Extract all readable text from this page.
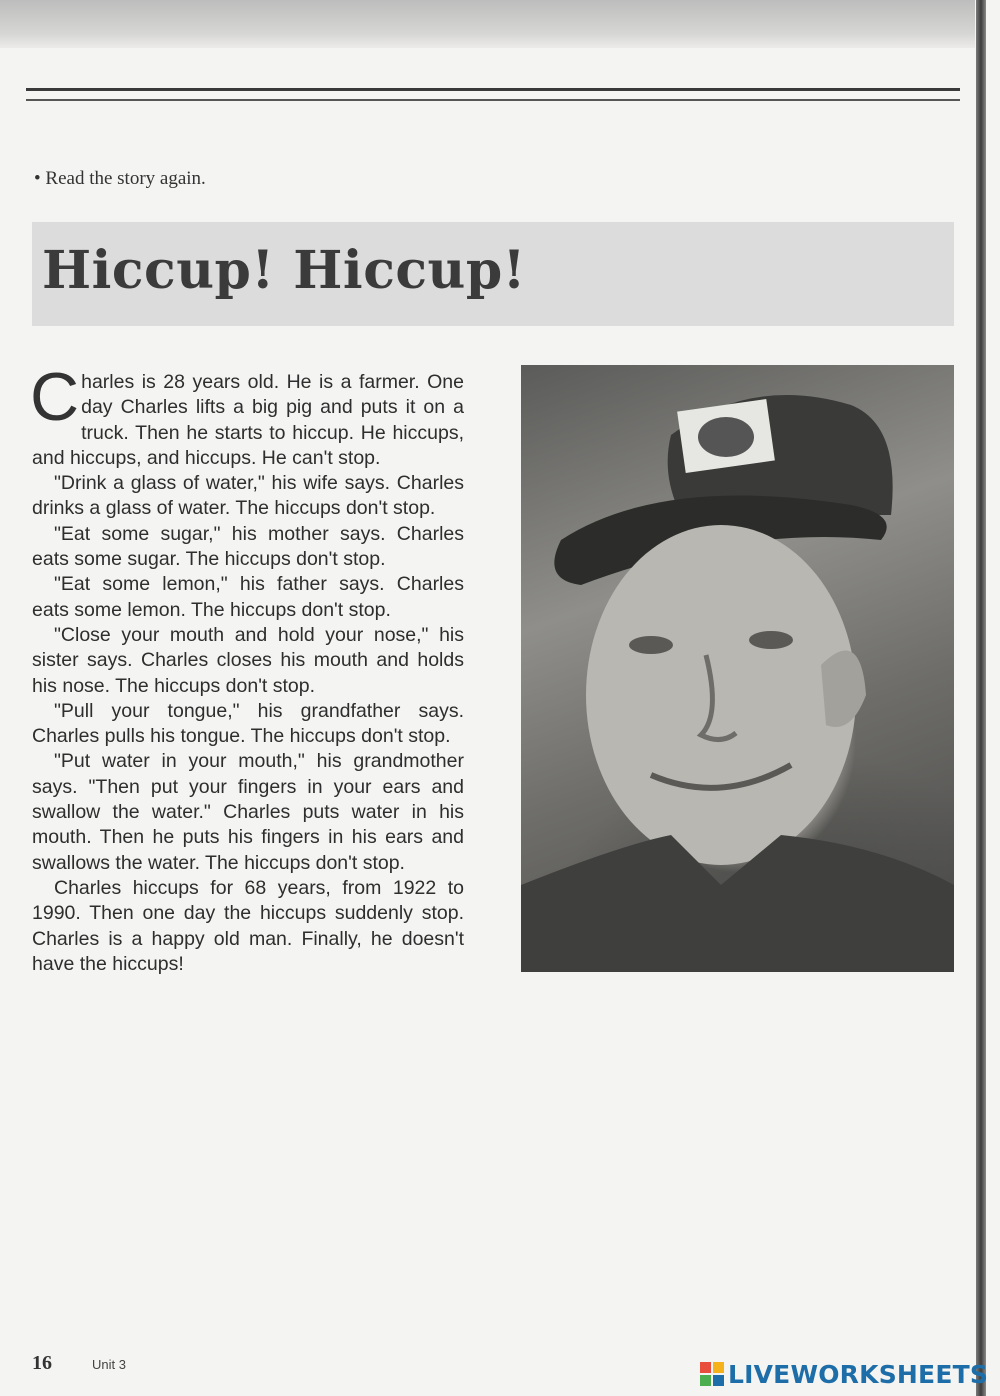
• Read the story again.
Hiccup! Hiccup!

Charles is 28 years old. He is a farmer. One day Charles lifts a big pig and puts it on a truck. Then he starts to hiccup. He hiccups, and hiccups, and hiccups. He can't stop.

"Drink a glass of water," his wife says. Charles drinks a glass of water. The hiccups don't stop.

"Eat some sugar," his mother says. Charles eats some sugar. The hiccups don't stop.

"Eat some lemon," his father says. Charles eats some lemon. The hiccups don't stop.

"Close your mouth and hold your nose," his sister says. Charles closes his mouth and holds his nose. The hiccups don't stop.

"Pull your tongue," his grandfather says. Charles pulls his tongue. The hiccups don't stop.

"Put water in your mouth," his grandmother says. "Then put your fingers in your ears and swallow the water." Charles puts water in his mouth. Then he puts his fingers in his ears and swallows the water. The hiccups don't stop.

Charles hiccups for 68 years, from 1922 to 1990. Then one day the hiccups suddenly stop. Charles is a happy old man. Finally, he doesn't have the hiccups!

16	Unit 3	LIVEWORKSHEETS
